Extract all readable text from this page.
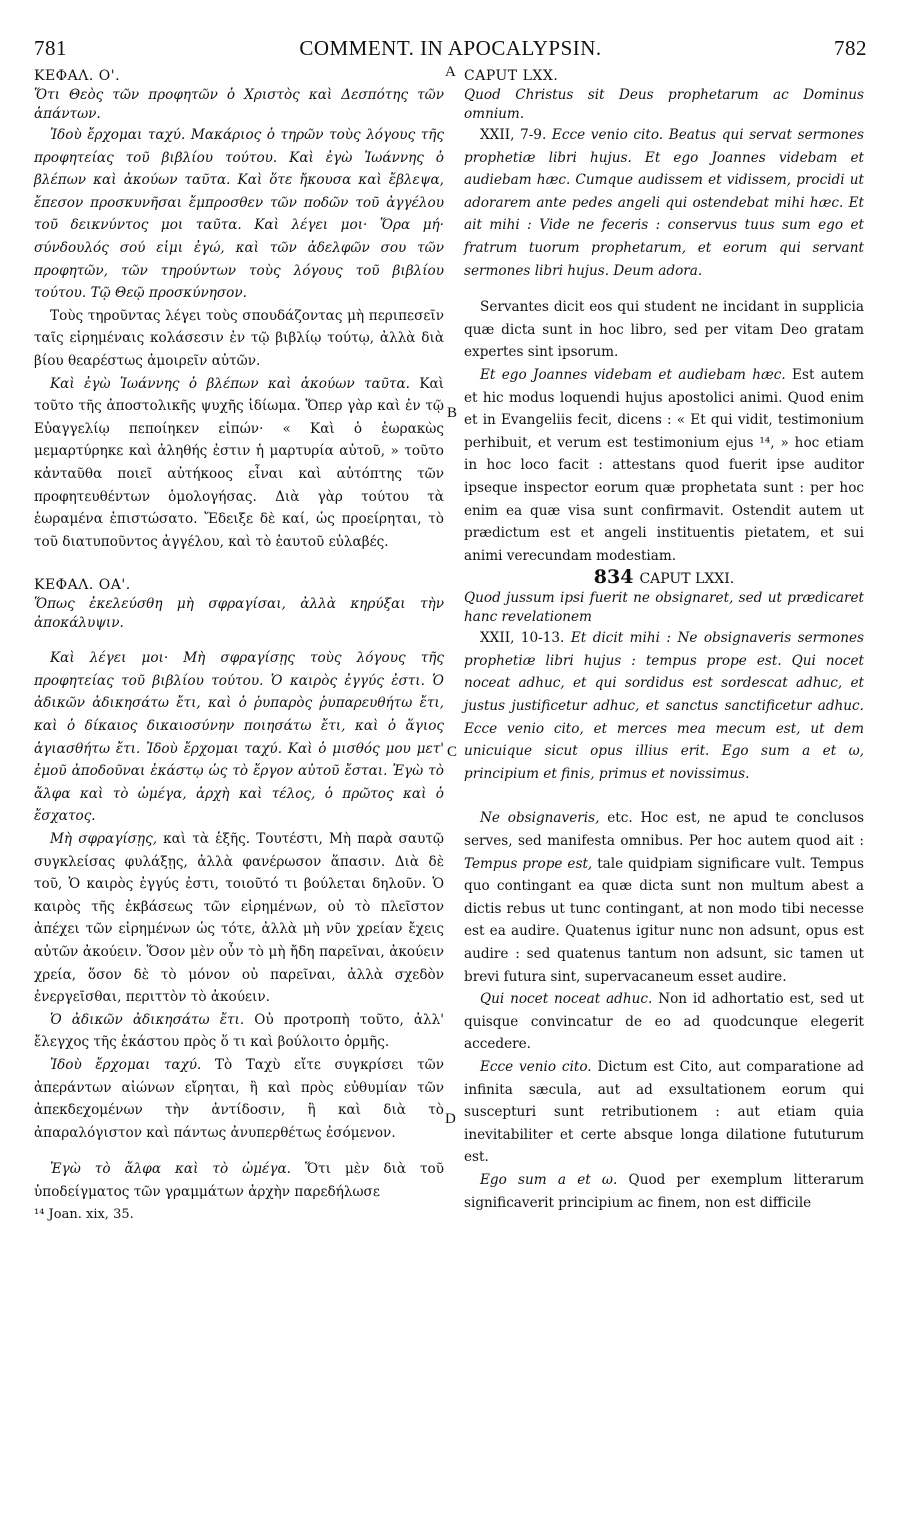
781	COMMENT. IN APOCALYPSIN.	782
A
B
C
D

ΚΕΦΑΛ. Ο'.

Ὅτι Θεὸς τῶν προφητῶν ὁ Χριστὸς καὶ Δεσπότης τῶν ἁπάντων.

Ἰδοὺ ἔρχομαι ταχύ. Μακάριος ὁ τηρῶν τοὺς λόγους τῆς προφητείας τοῦ βιβλίου τούτου. Καὶ ἐγὼ Ἰωάννης ὁ βλέπων καὶ ἀκούων ταῦτα. Καὶ ὅτε ἤκουσα καὶ ἔβλεψα, ἔπεσον προσκυνῆσαι ἔμπροσθεν τῶν ποδῶν τοῦ ἀγγέλου τοῦ δεικνύντος μοι ταῦτα. Καὶ λέγει μοι· Ὅρα μή· σύνδουλός σού εἰμι ἐγώ, καὶ τῶν ἀδελφῶν σου τῶν προφητῶν, τῶν τηρούντων τοὺς λόγους τοῦ βιβλίου τούτου. Τῷ Θεῷ προσκύνησον.

Τοὺς τηροῦντας λέγει τοὺς σπουδάζοντας μὴ περιπεσεῖν ταῖς εἰρημέναις κολάσεσιν ἐν τῷ βιβλίῳ τούτῳ, ἀλλὰ διὰ βίου θεαρέστως ἀμοιρεῖν αὐτῶν.

Καὶ ἐγὼ Ἰωάννης ὁ βλέπων καὶ ἀκούων ταῦτα. Καὶ τοῦτο τῆς ἀποστολικῆς ψυχῆς ἰδίωμα. Ὅπερ γὰρ καὶ ἐν τῷ Εὐαγγελίῳ πεποίηκεν εἰπών· « Καὶ ὁ ἑωρακὼς μεμαρτύρηκε καὶ ἀληθής ἐστιν ἡ μαρτυρία αὐτοῦ, » τοῦτο κἀνταῦθα ποιεῖ αὐτήκοος εἶναι καὶ αὐτόπτης τῶν προφητευθέντων ὁμολογήσας. Διὰ γὰρ τούτου τὰ ἑωραμένα ἐπιστώσατο. Ἔδειξε δὲ καί, ὡς προείρηται, τὸ τοῦ διατυποῦντος ἀγγέλου, καὶ τὸ ἑαυτοῦ εὐλαβές.

ΚΕΦΑΛ. ΟΑ'.

Ὅπως ἐκελεύσθη μὴ σφραγίσαι, ἀλλὰ κηρύξαι τὴν ἀποκάλυψιν.

Καὶ λέγει μοι· Μὴ σφραγίσῃς τοὺς λόγους τῆς προφητείας τοῦ βιβλίου τούτου. Ὁ καιρὸς ἐγγύς ἐστι. Ὁ ἀδικῶν ἀδικησάτω ἔτι, καὶ ὁ ῥυπαρὸς ῥυπαρευθήτω ἔτι, καὶ ὁ δίκαιος δικαιοσύνην ποιησάτω ἔτι, καὶ ὁ ἅγιος ἁγιασθήτω ἔτι. Ἰδοὺ ἔρχομαι ταχύ. Καὶ ὁ μισθός μου μετ' ἐμοῦ ἀποδοῦναι ἑκάστῳ ὡς τὸ ἔργον αὐτοῦ ἔσται. Ἐγὼ τὸ ἄλφα καὶ τὸ ὠμέγα, ἀρχὴ καὶ τέλος, ὁ πρῶτος καὶ ὁ ἔσχατος.

Μὴ σφραγίσῃς, καὶ τὰ ἑξῆς. Τουτέστι, Μὴ παρὰ σαυτῷ συγκλείσας φυλάξῃς, ἀλλὰ φανέρωσον ἅπασιν. Διὰ δὲ τοῦ, Ὁ καιρὸς ἐγγύς ἐστι, τοιοῦτό τι βούλεται δηλοῦν. Ὁ καιρὸς τῆς ἐκβάσεως τῶν εἰρημένων, οὐ τὸ πλεῖστον ἀπέχει τῶν εἰρημένων ὡς τότε, ἀλλὰ μὴ νῦν χρείαν ἔχεις αὐτῶν ἀκούειν. Ὅσον μὲν οὖν τὸ μὴ ἤδη παρεῖναι, ἀκούειν χρεία, ὅσον δὲ τὸ μόνον οὐ παρεῖναι, ἀλλὰ σχεδὸν ἐνεργεῖσθαι, περιττὸν τὸ ἀκούειν.

Ὁ ἀδικῶν ἀδικησάτω ἔτι. Οὐ προτροπὴ τοῦτο, ἀλλ' ἔλεγχος τῆς ἑκάστου πρὸς ὅ τι καὶ βούλοιτο ὁρμῆς.

Ἰδοὺ ἔρχομαι ταχύ. Τὸ Ταχὺ εἴτε συγκρίσει τῶν ἀπεράντων αἰώνων εἴρηται, ἢ καὶ πρὸς εὐθυμίαν τῶν ἀπεκδεχομένων τὴν ἀντίδοσιν, ἢ καὶ διὰ τὸ ἀπαραλόγιστον καὶ πάντως ἀνυπερθέτως ἐσόμενον.

Ἐγὼ τὸ ἄλφα καὶ τὸ ὠμέγα. Ὅτι μὲν διὰ τοῦ ὑποδείγματος τῶν γραμμάτων ἀρχὴν παρεδήλωσε

¹⁴ Joan. xix, 35.

CAPUT LXX.

Quod Christus sit Deus prophetarum ac Dominus omnium.

XXII, 7-9. Ecce venio cito. Beatus qui servat sermones prophetiæ libri hujus. Et ego Joannes videbam et audiebam hæc. Cumque audissem et vidissem, procidi ut adorarem ante pedes angeli qui ostendebat mihi hæc. Et ait mihi : Vide ne feceris : conservus tuus sum ego et fratrum tuorum prophetarum, et eorum qui servant sermones libri hujus. Deum adora.

Servantes dicit eos qui student ne incidant in supplicia quæ dicta sunt in hoc libro, sed per vitam Deo gratam expertes sint ipsorum.

Et ego Joannes videbam et audiebam hæc. Est autem et hic modus loquendi hujus apostolici animi. Quod enim et in Evangeliis fecit, dicens : « Et qui vidit, testimonium perhibuit, et verum est testimonium ejus ¹⁴, » hoc etiam in hoc loco facit : attestans quod fuerit ipse auditor ipseque inspector eorum quæ prophetata sunt : per hoc enim ea quæ visa sunt confirmavit. Ostendit autem ut prædictum est et angeli instituentis pietatem, et sui animi verecundam modestiam.

834 CAPUT LXXI.

Quod jussum ipsi fuerit ne obsignaret, sed ut prædicaret hanc revelationem

XXII, 10-13. Et dicit mihi : Ne obsignaveris sermones prophetiæ libri hujus : tempus prope est. Qui nocet noceat adhuc, et qui sordidus est sordescat adhuc, et justus justificetur adhuc, et sanctus sanctificetur adhuc. Ecce venio cito, et merces mea mecum est, ut dem unicuique sicut opus illius erit. Ego sum a et ω, principium et finis, primus et novissimus.

Ne obsignaveris, etc. Hoc est, ne apud te conclusos serves, sed manifesta omnibus. Per hoc autem quod ait : Tempus prope est, tale quidpiam significare vult. Tempus quo contingant ea quæ dicta sunt non multum abest a dictis rebus ut tunc contingant, at non modo tibi necesse est ea audire. Quatenus igitur nunc non adsunt, opus est audire : sed quatenus tantum non adsunt, sic tamen ut brevi futura sint, supervacaneum esset audire.

Qui nocet noceat adhuc. Non id adhortatio est, sed ut quisque convincatur de eo ad quodcunque elegerit accedere.

Ecce venio cito. Dictum est Cito, aut comparatione ad infinita sæcula, aut ad exsultationem eorum qui suscepturi sunt retributionem : aut etiam quia inevitabiliter et certe absque longa dilatione fututurum est.

Ego sum a et ω. Quod per exemplum litterarum significaverit principium ac finem, non est difficile
